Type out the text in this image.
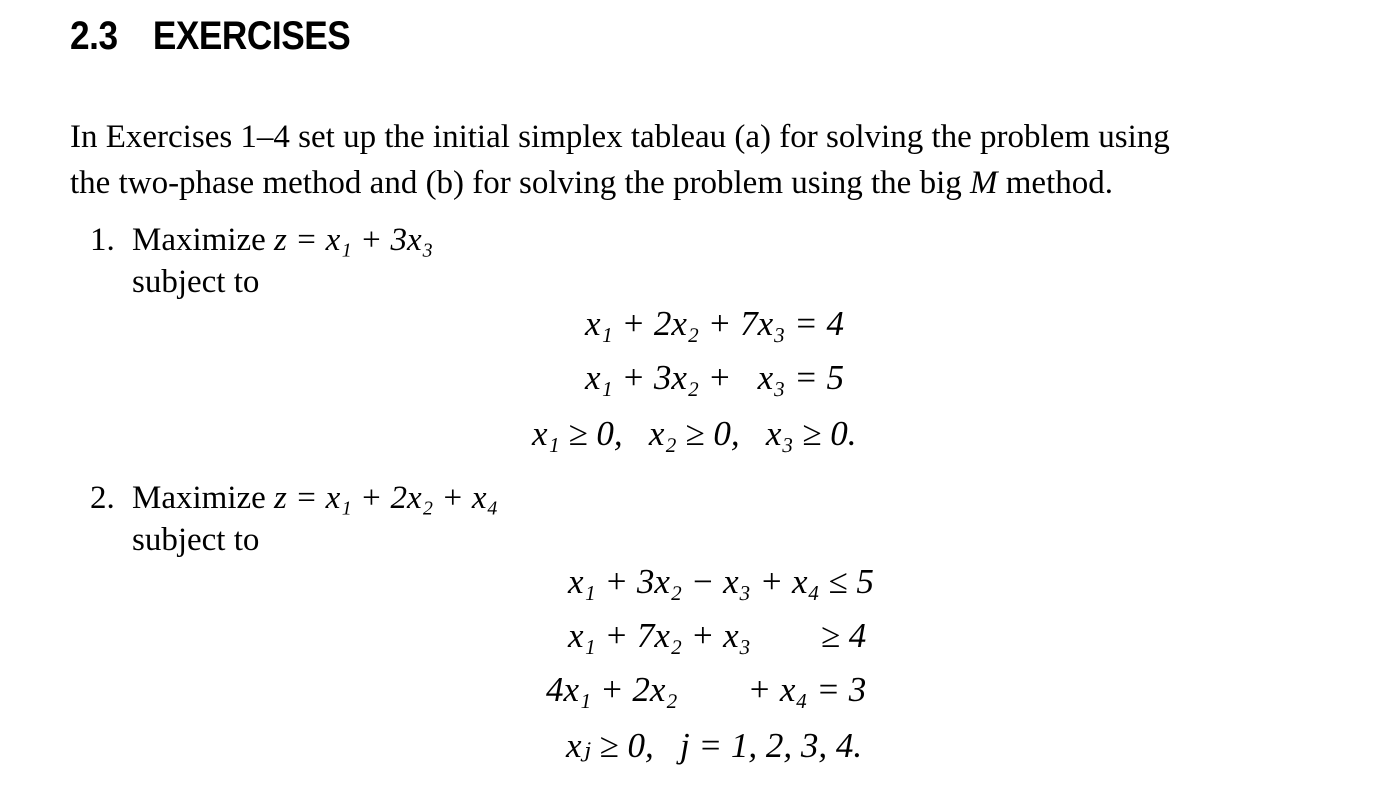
2.3 EXERCISES
In Exercises 1–4 set up the initial simplex tableau (a) for solving the problem using
the two-phase method and (b) for solving the problem using the big M method.
1. Maximize z = x₁ + 3x₃
subject to
x₁ + 2x₂ + 7x₃ = 4
x₁ + 3x₂ +   x₃ = 5
x₁ ≥ 0,   x₂ ≥ 0,   x₃ ≥ 0.
2. Maximize z = x₁ + 2x₂ + x₄
subject to
x₁ + 3x₂ − x₃ + x₄ ≤ 5
x₁ + 7x₂ + x₃        ≥ 4
4x₁ + 2x₂        + x₄ = 3
xⱼ ≥ 0,   j = 1, 2, 3, 4.
